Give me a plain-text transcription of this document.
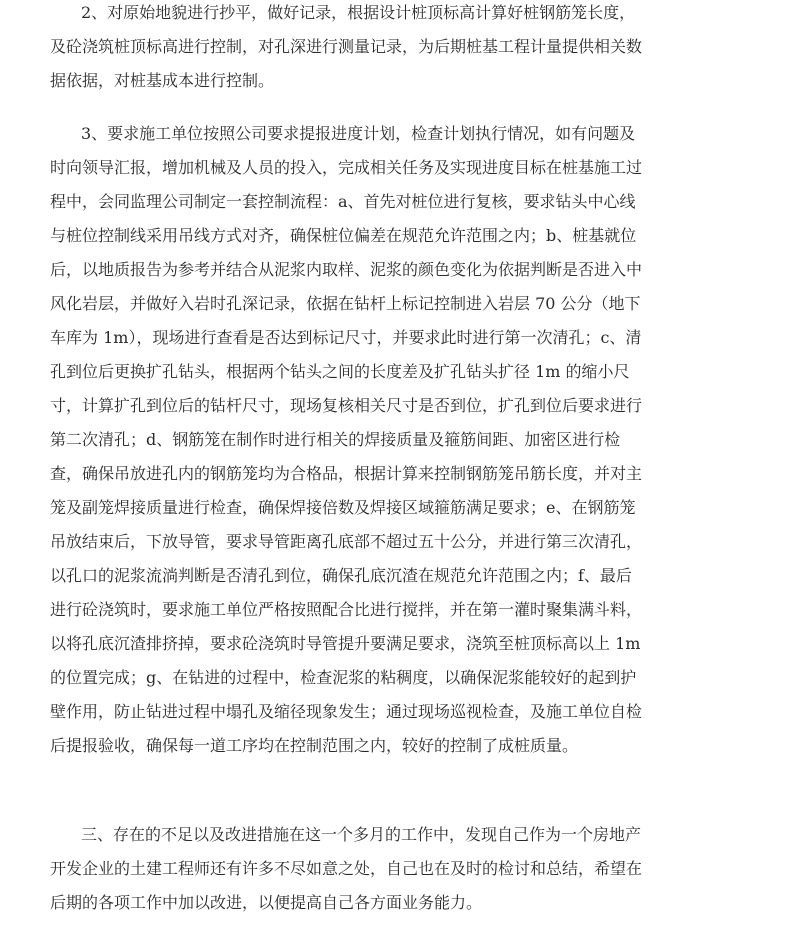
2、对原始地貌进行抄平，做好记录，根据设计桩顶标高计算好桩钢筋笼长度，
及砼浇筑桩顶标高进行控制，对孔深进行测量记录，为后期桩基工程计量提供相关数
据依据，对桩基成本进行控制。
3、要求施工单位按照公司要求提报进度计划，检查计划执行情况，如有问题及
时向领导汇报，增加机械及人员的投入，完成相关任务及实现进度目标在桩基施工过
程中，会同监理公司制定一套控制流程：a、首先对桩位进行复核，要求钻头中心线
与桩位控制线采用吊线方式对齐，确保桩位偏差在规范允许范围之内；b、桩基就位
后，以地质报告为参考并结合从泥浆内取样、泥浆的颜色变化为依据判断是否进入中
风化岩层，并做好入岩时孔深记录，依据在钻杆上标记控制进入岩层 70 公分（地下
车库为 1m），现场进行查看是否达到标记尺寸，并要求此时进行第一次清孔；c、清
孔到位后更换扩孔钻头，根据两个钻头之间的长度差及扩孔钻头扩径 1m 的缩小尺
寸，计算扩孔到位后的钻杆尺寸，现场复核相关尺寸是否到位，扩孔到位后要求进行
第二次清孔；d、钢筋笼在制作时进行相关的焊接质量及箍筋间距、加密区进行检
查，确保吊放进孔内的钢筋笼均为合格品，根据计算来控制钢筋笼吊筋长度，并对主
笼及副笼焊接质量进行检查，确保焊接倍数及焊接区域箍筋满足要求；e、在钢筋笼
吊放结束后，下放导管，要求导管距离孔底部不超过五十公分，并进行第三次清孔，
以孔口的泥浆流淌判断是否清孔到位，确保孔底沉渣在规范允许范围之内；f、最后
进行砼浇筑时，要求施工单位严格按照配合比进行搅拌，并在第一灌时聚集满斗料，
以将孔底沉渣排挤掉，要求砼浇筑时导管提升要满足要求，浇筑至桩顶标高以上 1m
的位置完成；g、在钻进的过程中，检查泥浆的粘稠度，以确保泥浆能较好的起到护
壁作用，防止钻进过程中塌孔及缩径现象发生；通过现场巡视检查，及施工单位自检
后提报验收，确保每一道工序均在控制范围之内，较好的控制了成桩质量。
三、存在的不足以及改进措施在这一个多月的工作中，发现自己作为一个房地产
开发企业的土建工程师还有许多不尽如意之处，自己也在及时的检讨和总结，希望在
后期的各项工作中加以改进，以便提高自己各方面业务能力。
